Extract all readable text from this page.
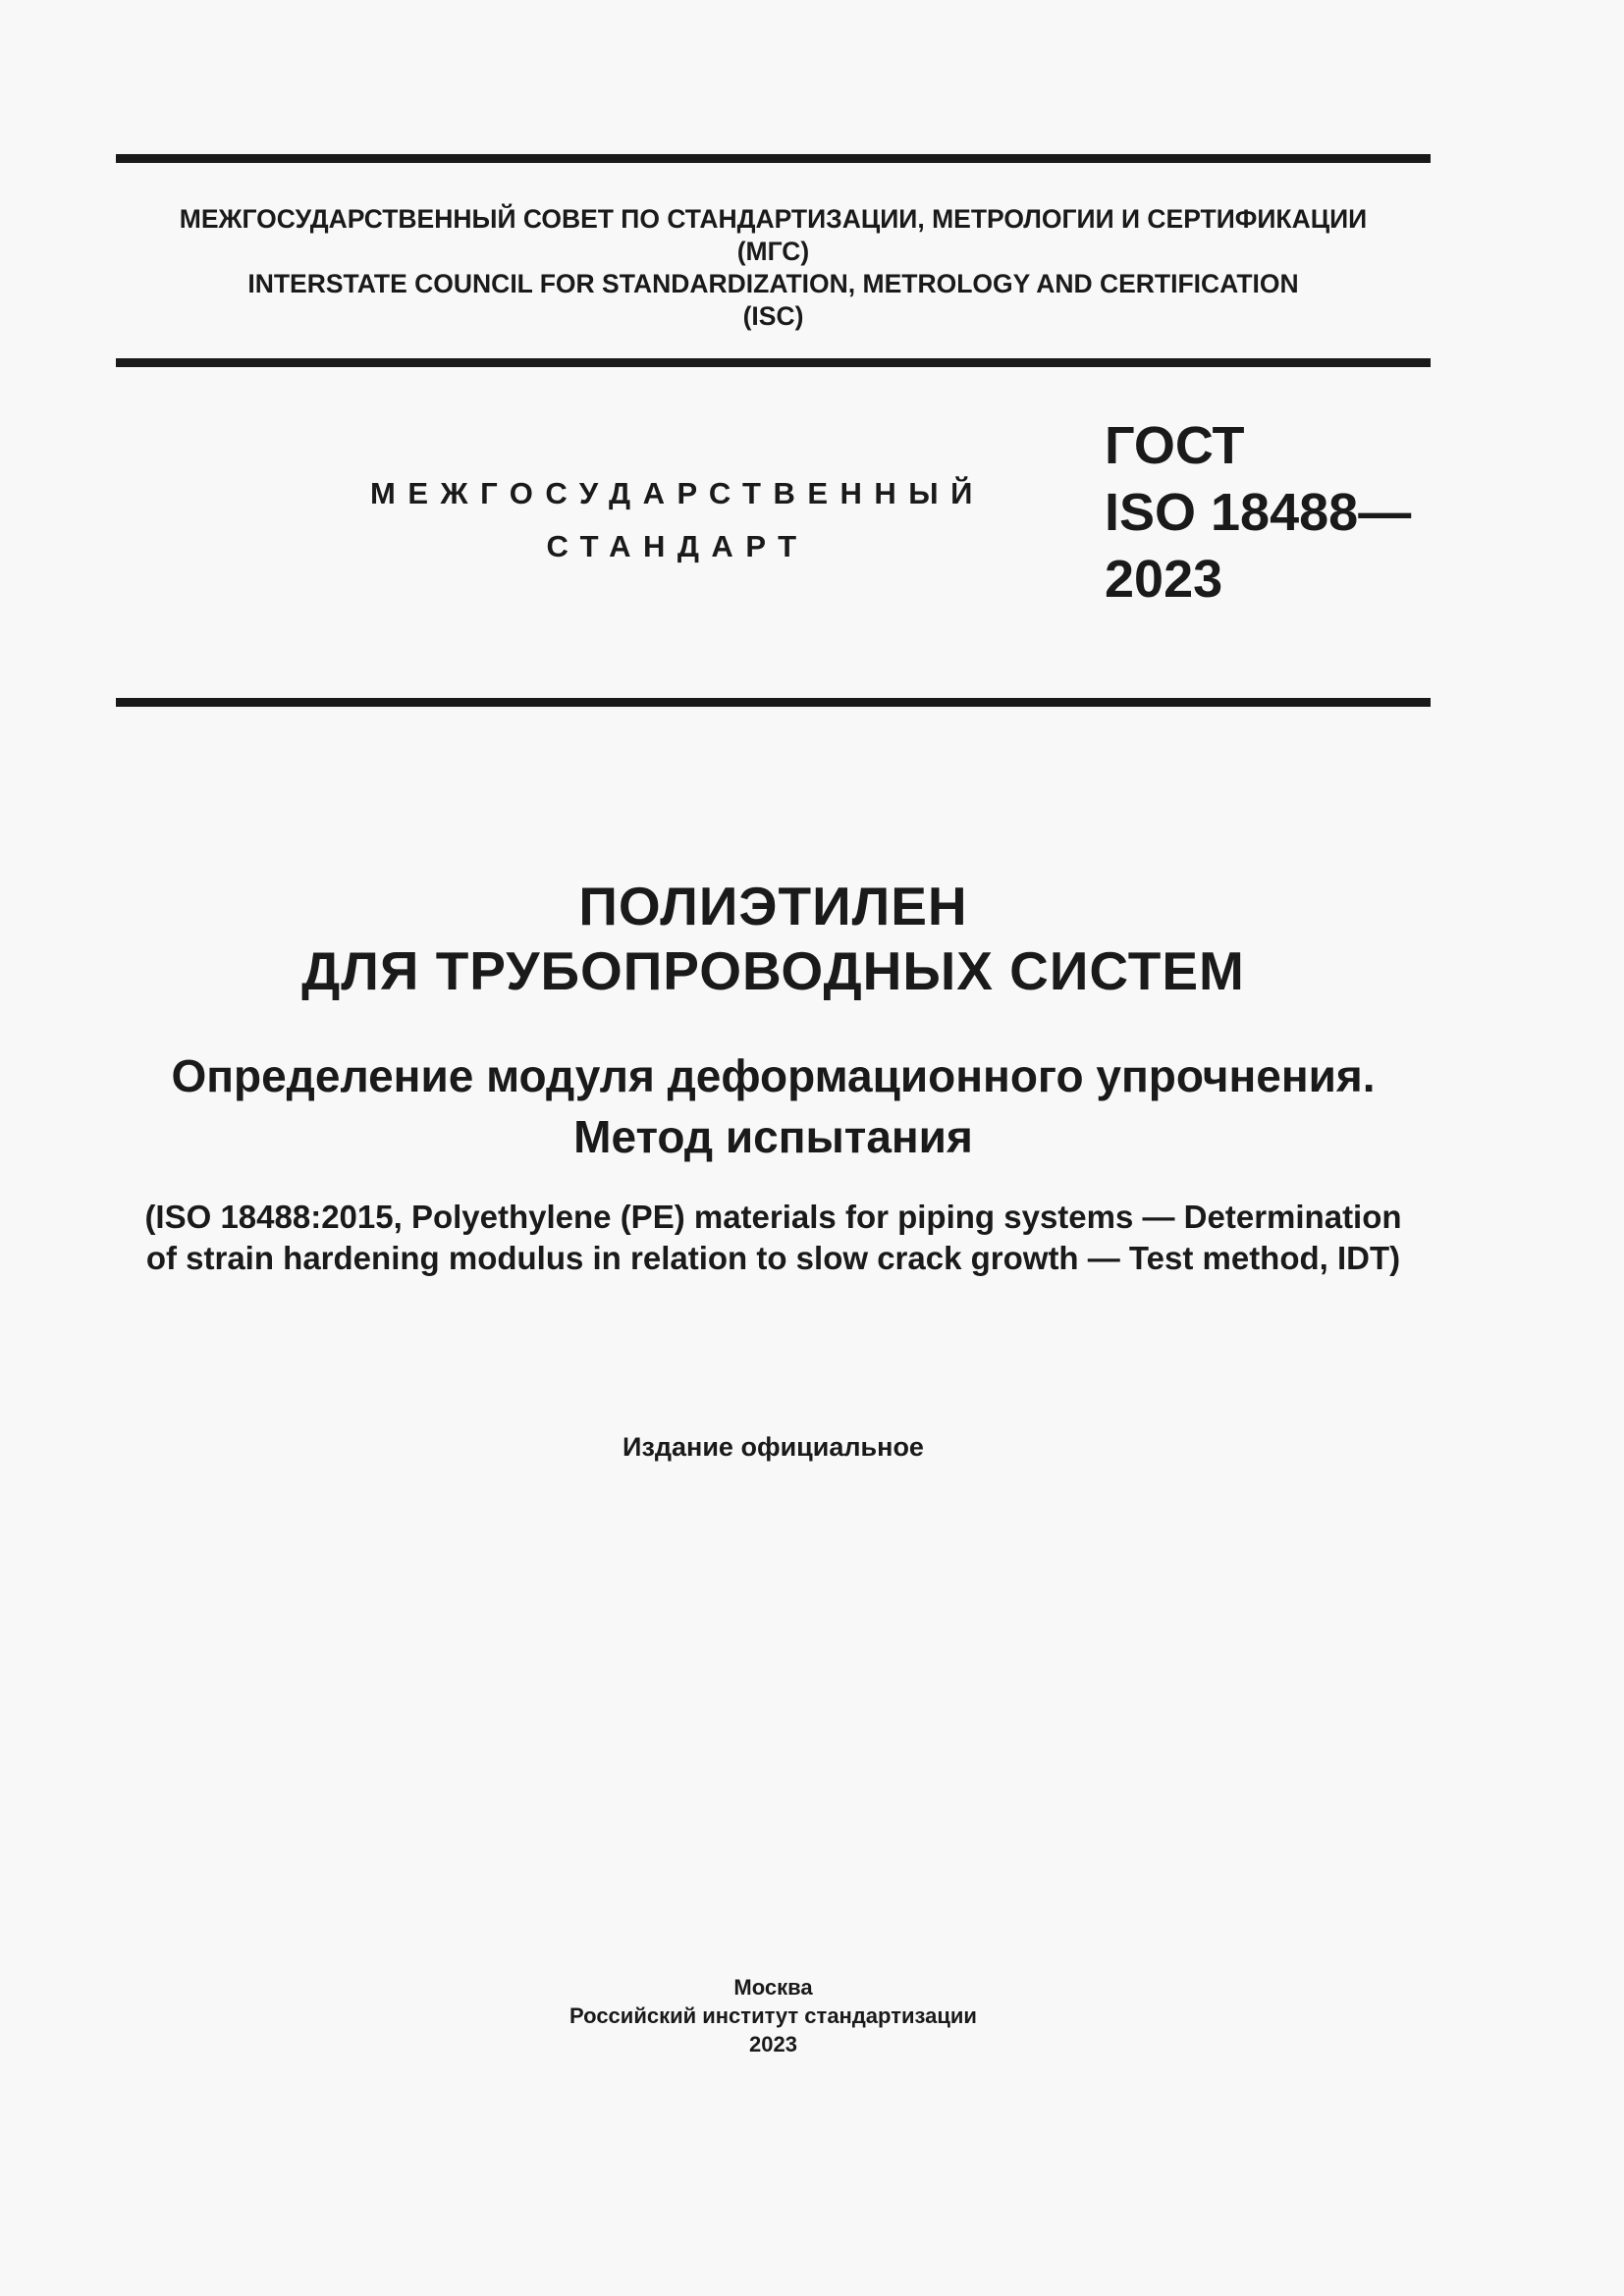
МЕЖГОСУДАРСТВЕННЫЙ СОВЕТ ПО СТАНДАРТИЗАЦИИ, МЕТРОЛОГИИ И СЕРТИФИКАЦИИ
(МГС)
INTERSTATE COUNCIL FOR STANDARDIZATION, METROLOGY AND CERTIFICATION
(ISC)
МЕЖГОСУДАРСТВЕННЫЙ
СТАНДАРТ
ГОСТ
ISO 18488—
2023
ПОЛИЭТИЛЕН
ДЛЯ ТРУБОПРОВОДНЫХ СИСТЕМ
Определение модуля деформационного упрочнения.
Метод испытания
(ISO 18488:2015, Polyethylene (PE) materials for piping systems — Determination
of strain hardening modulus in relation to slow crack growth — Test method, IDT)
Издание официальное
Москва
Российский институт стандартизации
2023
